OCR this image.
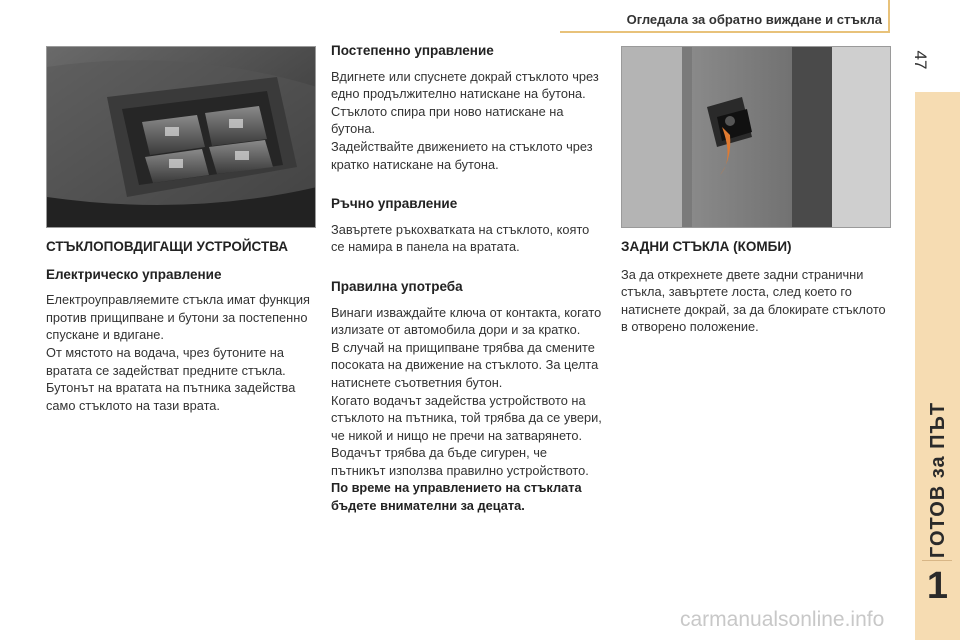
Огледала за обратно виждане и стъкла
47
ГОТОВ за ПЪТ
1
СТЪКЛОПОВДИГАЩИ УСТРОЙСТВА
Електрическо управление

Електроуправляемите стъкла имат функция против прищипване и бутони за постепенно спускане и вдигане.

От мястото на водача, чрез бутоните на вратата се задействат предните стъкла.

Бутонът на вратата на пътника задейства само стъклото на тази врата.

Постепенно управление

Вдигнете или спуснете докрай стъклото чрез едно продължително натискане на бутона.

Стъклото спира при ново натискане на бутона.

Задействайте движението на стъклото чрез кратко натискане на бутона.

Ръчно управление

Завъртете ръкохватката на стъклото, която се намира в панела на вратата.

Правилна употреба

Винаги изваждайте ключа от контакта, когато излизате от автомобила дори и за кратко.

В случай на прищипване трябва да смените посоката на движение на стъклото. За целта натиснете съответния бутон.

Когато водачът задейства устройството на стъклото на пътника, той трябва да се увери, че никой и нищо не пречи на затварянето.

Водачът трябва да бъде сигурен, че пътникът използва правилно устройството.

По време на управлението на стъклата бъдете внимателни за децата.

ЗАДНИ СТЪКЛА (КОМБИ)

За да открехнете двете задни странични стъкла, завъртете лоста, след което го натиснете докрай, за да блокирате стъклото в отворено положение.

carmanualsonline.info
